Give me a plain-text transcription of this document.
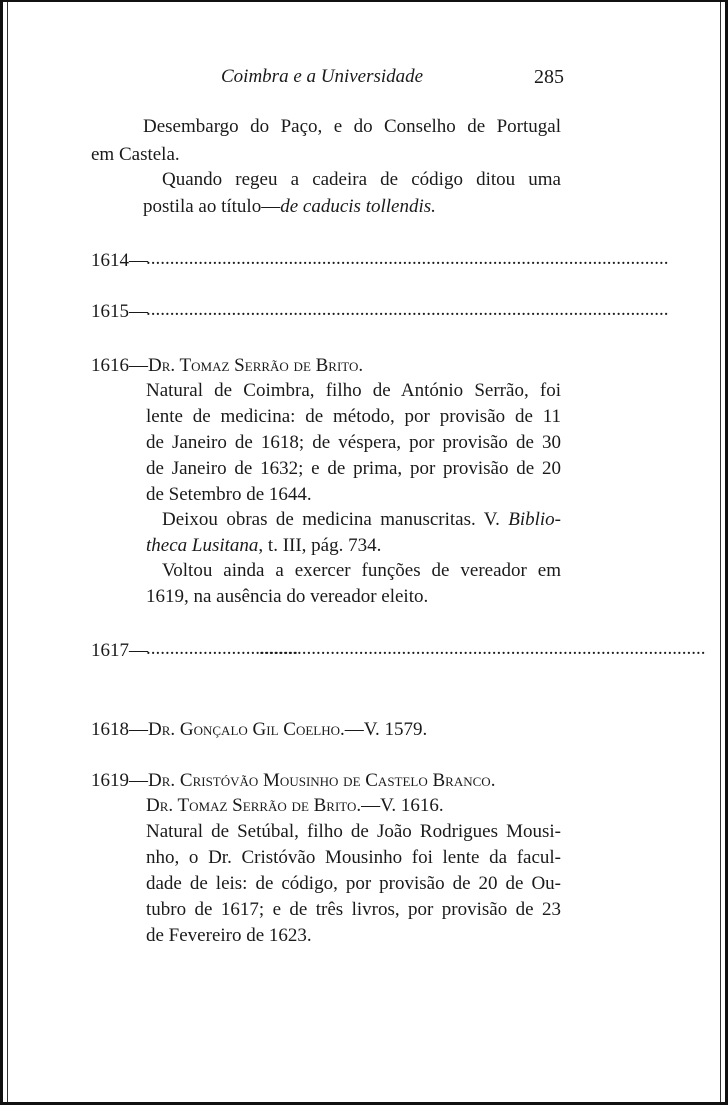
Coimbra e a Universidade	285
Desembargo do Paço, e do Conselho de Portugal
em Castela.
Quando regeu a cadeira de código ditou uma
postila ao título—de caducis tollendis.
1614—
..............................................................................................................
1615—
..............................................................................................................
1616—Dr. Tomaz Serrão de Brito.
Natural de Coimbra, filho de António Serrão, foi
lente de medicina: de método, por provisão de 11
de Janeiro de 1618; de véspera, por provisão de 30
de Janeiro de 1632; e de prima, por provisão de 20
de Setembro de 1644.
Deixou obras de medicina manuscritas. V. Biblio-
theca Lusitana, t. III, pág. 734.
Voltou ainda a exercer funções de vereador em
1619, na ausência do vereador eleito.
1617—
................................
..............................................................................................
1618—Dr. Gonçalo Gil Coelho.—V. 1579.
1619—Dr. Cristóvão Mousinho de Castelo Branco.
Dr. Tomaz Serrão de Brito.—V. 1616.
Natural de Setúbal, filho de João Rodrigues Mousi-
nho, o Dr. Cristóvão Mousinho foi lente da facul-
dade de leis: de código, por provisão de 20 de Ou-
tubro de 1617; e de três livros, por provisão de 23
de Fevereiro de 1623.
